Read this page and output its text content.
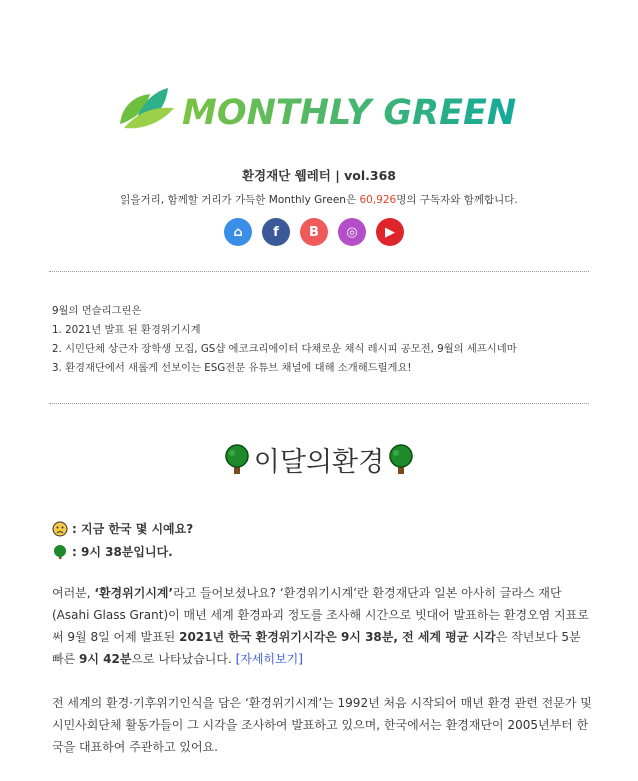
MONTHLY GREEN
환경재단 웹레터 | vol.368
읽을거리, 함께할 거리가 가득한 Monthly Green은 60,926명의 구독자와 함께합니다.
⌂ f B ◎ ▶
9월의 먼슬리그린은
1. 2021년 발표 된 환경위기시계
2. 시민단체 상근자 장학생 모집, GS샵 에코크리에이터 다채로운 채식 레시피 공모전, 9월의 세프시네마
3. 환경재단에서 새롭게 선보이는 ESG전문 유튜브 채널에 대해 소개해드릴게요!
이달의환경
: 지금 한국 몇 시예요?
: 9시 38분입니다.
여러분, ‘환경위기시계’라고 들어보셨나요? ‘환경위기시계’란 환경재단과 일본 아사히 글라스 재단(Asahi Glass Grant)이 매년 세계 환경파괴 정도를 조사해 시간으로 빗대어 발표하는 환경오염 지표로써 9월 8일 어제 발표된 2021년 한국 환경위기시각은 9시 38분, 전 세계 평균 시각은 작년보다 5분 빠른 9시 42분으로 나타났습니다. [자세히보기]
전 세계의 환경·기후위기인식을 담은 ‘환경위기시계’는 1992년 처음 시작되어 매년 환경 관련 전문가 및 시민사회단체 활동가들이 그 시각을 조사하여 발표하고 있으며, 한국에서는 환경재단이 2005년부터 한국을 대표하여 주관하고 있어요.
